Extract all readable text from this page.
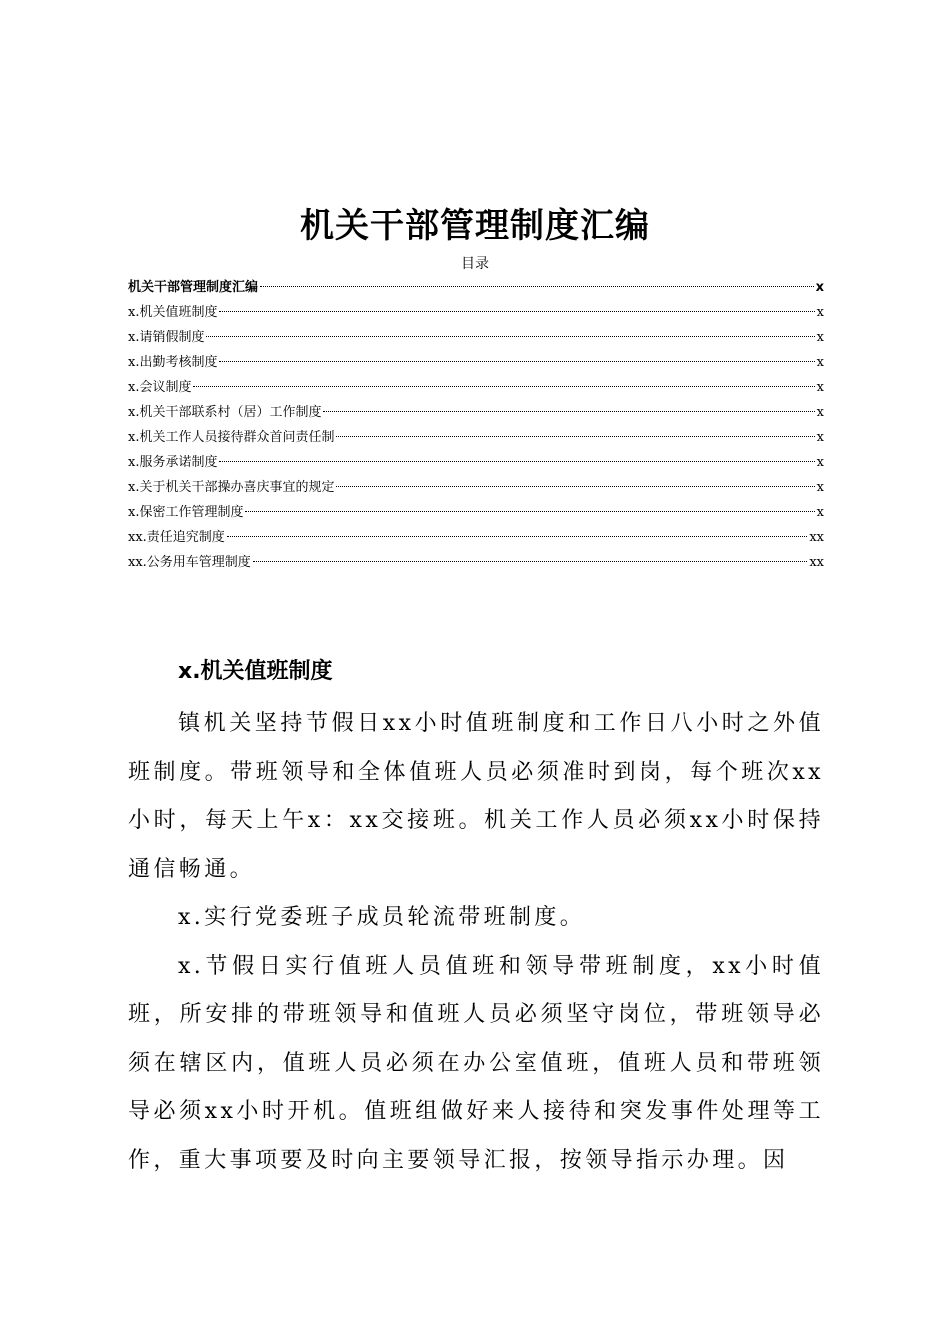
机关干部管理制度汇编
目录
机关干部管理制度汇编	x
x.机关值班制度	x
x.请销假制度	x
x.出勤考核制度	x
x.会议制度	x
x.机关干部联系村（居）工作制度	x
x.机关工作人员接待群众首问责任制	x
x.服务承诺制度	x
x.关于机关干部操办喜庆事宜的规定	x
x.保密工作管理制度	x
xx.责任追究制度	xx
xx.公务用车管理制度	xx
x.机关值班制度

镇机关坚持节假日xx小时值班制度和工作日八小时之外值班制度。带班领导和全体值班人员必须准时到岗，每个班次xx小时，每天上午x：xx交接班。机关工作人员必须xx小时保持通信畅通。

x.实行党委班子成员轮流带班制度。

x.节假日实行值班人员值班和领导带班制度，xx小时值班，所安排的带班领导和值班人员必须坚守岗位，带班领导必须在辖区内，值班人员必须在办公室值班，值班人员和带班领导必须xx小时开机。值班组做好来人接待和突发事件处理等工作，重大事项要及时向主要领导汇报，按领导指示办理。因
